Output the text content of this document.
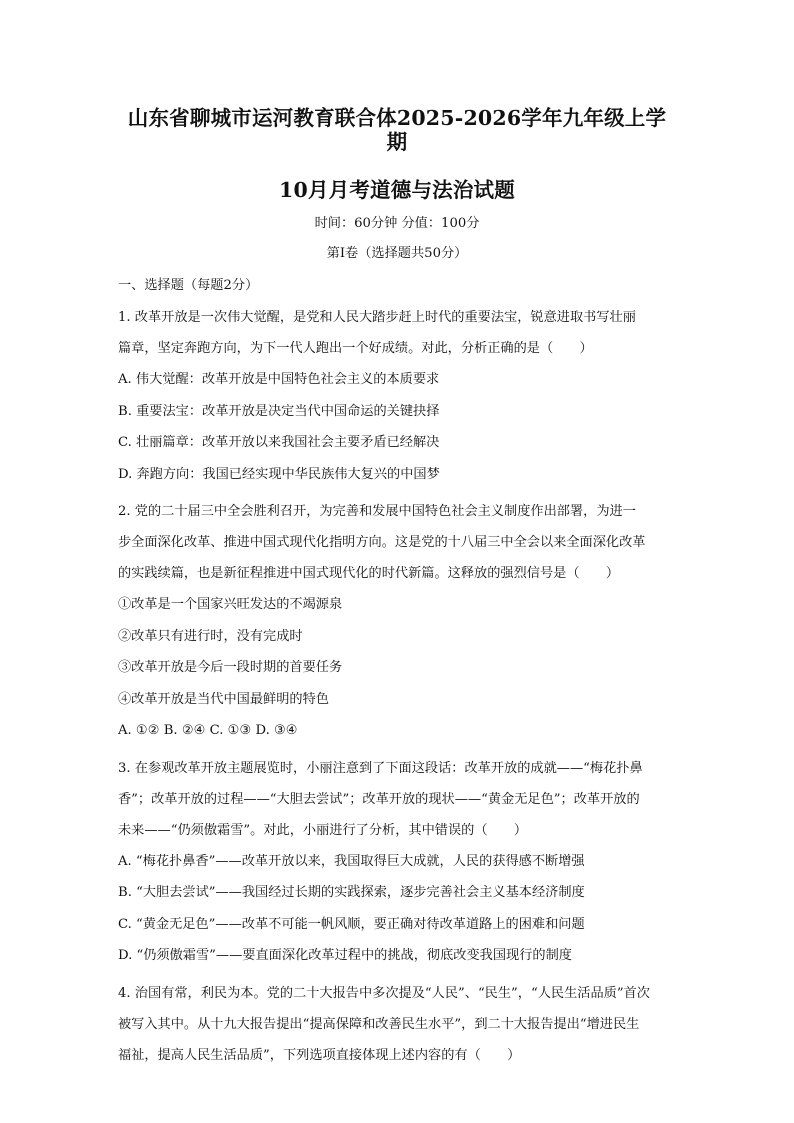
山东省聊城市运河教育联合体2025-2026学年九年级上学期

10月月考道德与法治试题

时间：60分钟 分值：100分
第Ⅰ卷（选择题共50分）
一、选择题（每题2分）

1. 改革开放是一次伟大觉醒，是党和人民大踏步赶上时代的重要法宝，锐意进取书写壮丽

篇章，坚定奔跑方向，为下一代人跑出一个好成绩。对此，分析正确的是（　　）

A. 伟大觉醒：改革开放是中国特色社会主义的本质要求

B. 重要法宝：改革开放是决定当代中国命运的关键抉择

C. 壮丽篇章：改革开放以来我国社会主要矛盾已经解决

D. 奔跑方向：我国已经实现中华民族伟大复兴的中国梦

2. 党的二十届三中全会胜利召开，为完善和发展中国特色社会主义制度作出部署，为进一

步全面深化改革、推进中国式现代化指明方向。这是党的十八届三中全会以来全面深化改革

的实践续篇，也是新征程推进中国式现代化的时代新篇。这释放的强烈信号是（　　）

①改革是一个国家兴旺发达的不竭源泉

②改革只有进行时，没有完成时

③改革开放是今后一段时期的首要任务

④改革开放是当代中国最鲜明的特色

A. ①② B. ②④ C. ①③ D. ③④

3. 在参观改革开放主题展览时，小丽注意到了下面这段话：改革开放的成就——“梅花扑鼻

香”；改革开放的过程——“大胆去尝试”；改革开放的现状——“黄金无足色”；改革开放的

未来——“仍须傲霜雪”。对此，小丽进行了分析，其中错误的（　　）

A. “梅花扑鼻香”——改革开放以来，我国取得巨大成就，人民的获得感不断增强

B. “大胆去尝试”——我国经过长期的实践探索，逐步完善社会主义基本经济制度

C. “黄金无足色”——改革不可能一帆风顺，要正确对待改革道路上的困难和问题

D. “仍须傲霜雪”——要直面深化改革过程中的挑战，彻底改变我国现行的制度

4. 治国有常，利民为本。党的二十大报告中多次提及“人民”、“民生”，“人民生活品质”首次

被写入其中。从十九大报告提出“提高保障和改善民生水平”，到二十大报告提出“增进民生

福祉，提高人民生活品质”，下列选项直接体现上述内容的有（　　）
